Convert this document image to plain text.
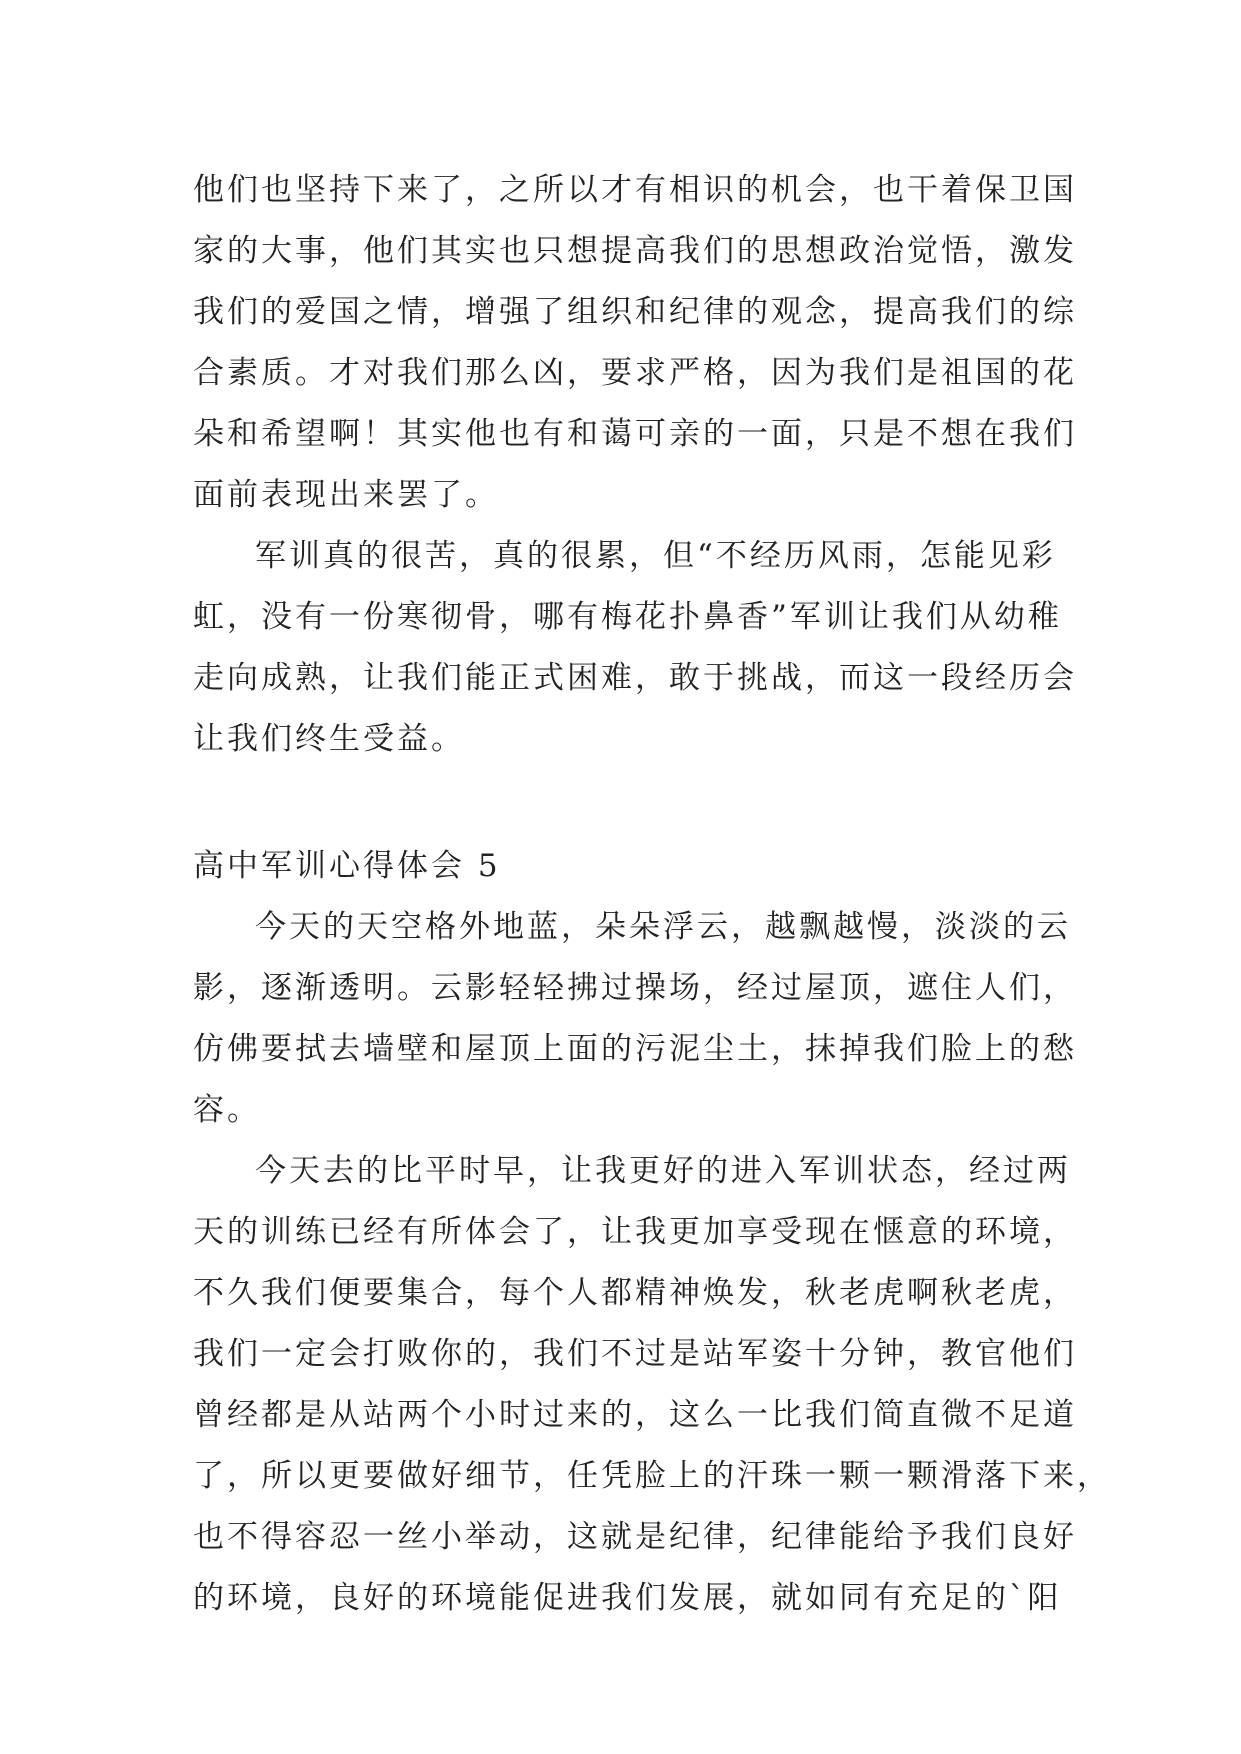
他们也坚持下来了，之所以才有相识的机会，也干着保卫国
家的大事，他们其实也只想提高我们的思想政治觉悟，激发
我们的爱国之情，增强了组织和纪律的观念，提高我们的综
合素质。才对我们那么凶，要求严格，因为我们是祖国的花
朵和希望啊！其实他也有和蔼可亲的一面，只是不想在我们
面前表现出来罢了。
军训真的很苦，真的很累，但“不经历风雨，怎能见彩
虹，没有一份寒彻骨，哪有梅花扑鼻香”军训让我们从幼稚
走向成熟，让我们能正式困难，敢于挑战，而这一段经历会
让我们终生受益。
高中军训心得体会 5
今天的天空格外地蓝，朵朵浮云，越飘越慢，淡淡的云
影，逐渐透明。云影轻轻拂过操场，经过屋顶，遮住人们，
仿佛要拭去墙壁和屋顶上面的污泥尘土，抹掉我们脸上的愁
容。
今天去的比平时早，让我更好的进入军训状态，经过两
天的训练已经有所体会了，让我更加享受现在惬意的环境，
不久我们便要集合，每个人都精神焕发，秋老虎啊秋老虎，
我们一定会打败你的，我们不过是站军姿十分钟，教官他们
曾经都是从站两个小时过来的，这么一比我们简直微不足道
了，所以更要做好细节，任凭脸上的汗珠一颗一颗滑落下来，
也不得容忍一丝小举动，这就是纪律，纪律能给予我们良好
的环境，良好的环境能促进我们发展，就如同有充足的`阳
